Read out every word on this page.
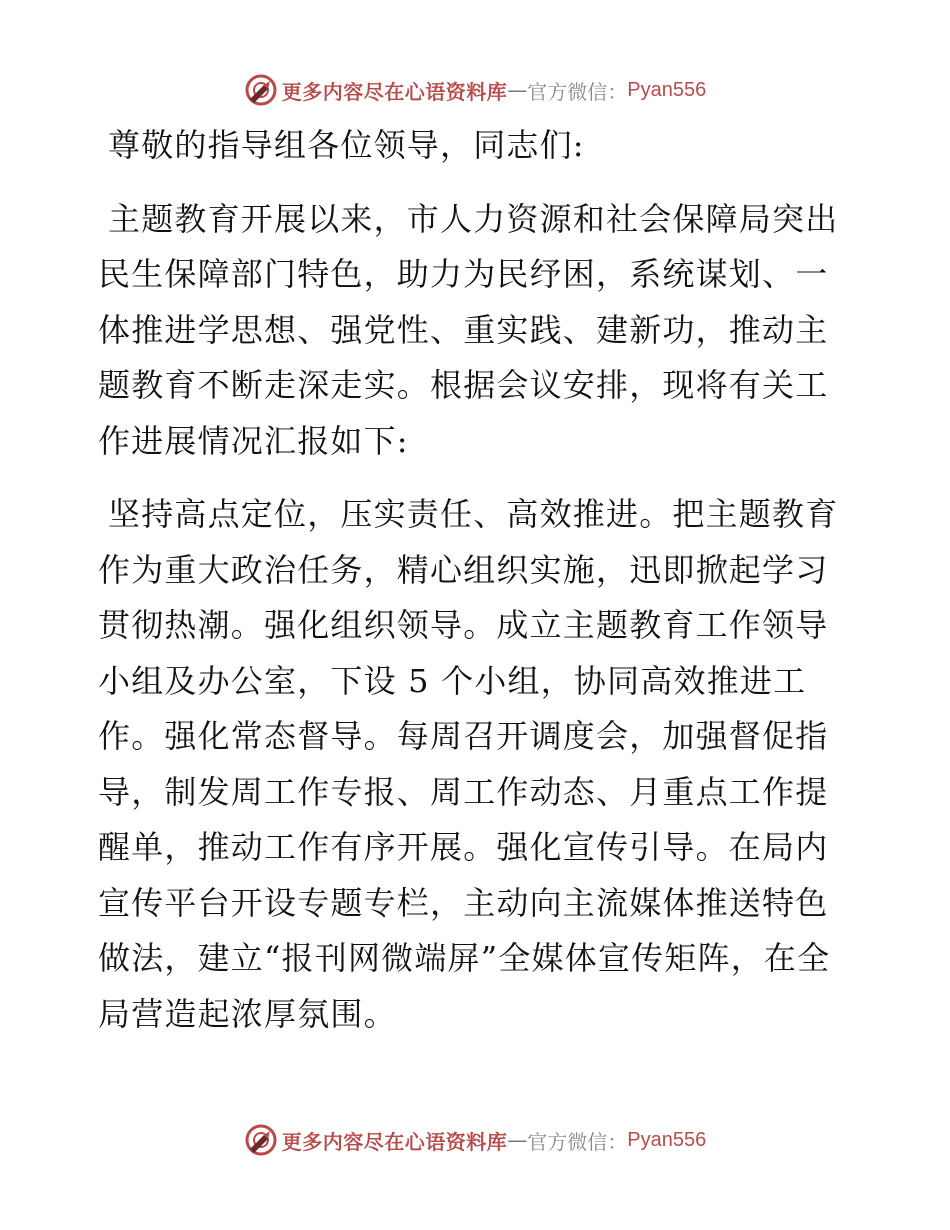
更多内容尽在心语资料库 — 官方微信： Pyan556

尊敬的指导组各位领导，同志们:

主题教育开展以来，市人力资源和社会保障局突出民生保障部门特色，助力为民纾困，系统谋划、一体推进学思想、强党性、重实践、建新功，推动主题教育不断走深走实。根据会议安排，现将有关工作进展情况汇报如下:

坚持高点定位，压实责任、高效推进。把主题教育作为重大政治任务，精心组织实施，迅即掀起学习贯彻热潮。强化组织领导。成立主题教育工作领导小组及办公室，下设 5 个小组，协同高效推进工作。强化常态督导。每周召开调度会，加强督促指导，制发周工作专报、周工作动态、月重点工作提醒单，推动工作有序开展。强化宣传引导。在局内宣传平台开设专题专栏，主动向主流媒体推送特色做法，建立“报刊网微端屏”全媒体宣传矩阵，在全局营造起浓厚氛围。

更多内容尽在心语资料库 — 官方微信： Pyan556
